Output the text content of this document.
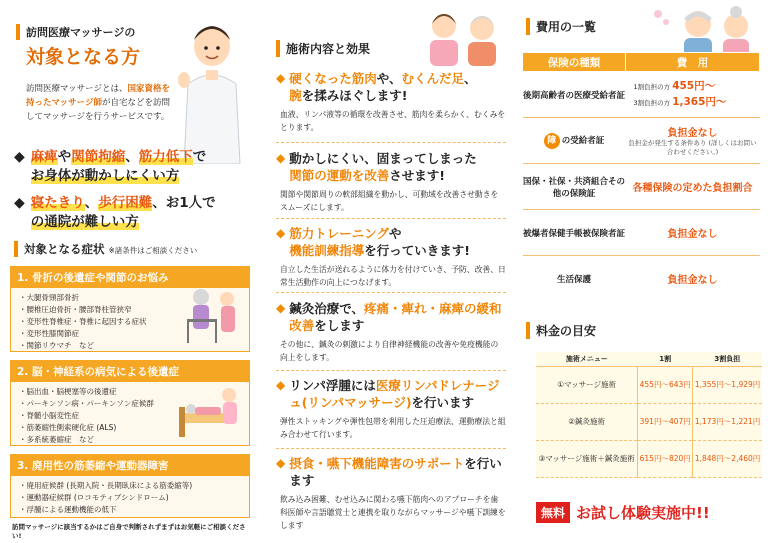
訪問医療マッサージの
対象となる方

訪問医療マッサージとは、国家資格を持ったマッサージ師が自宅などを訪問してマッサージを行うサービスです。

◆ 麻痺や関節拘縮、筋力低下で
お身体が動かしにくい方
◆ 寝たきり、歩行困難、お1人で
の通院が難しい方
対象となる症状 ※諸条件はご相談ください
1. 骨折の後遺症や関節のお悩み
・ 大腿骨頸部骨折
・ 腰椎圧迫骨折・腰部脊柱管狭窄
・ 変形性脊椎症・脊椎に起因する症状
・ 変形性膝関節症
・ 関節リウマチ　など
2. 脳・神経系の病気による後遺症
・ 脳出血・脳梗塞等の後遺症
・ パーキンソン病・パーキンソン症候群
・ 脊髄小脳変性症
・ 筋萎縮性側索硬化症 (ALS)
・ 多系統萎縮症　など
3. 廃用性の筋萎縮や運動器障害
・ 廃用症候群 (長期入院・長期臥床による筋委縮等)
・ 運動器症候群 (ロコモティブシンドローム)
・ 浮腫による運動機能の低下
訪問マッサージに該当するかはご自身で判断されずまずはお気軽にご相談ください!
施術内容と効果
◆ 硬くなった筋肉や、むくんだ足、
腕を揉みほぐします!
血液、リンパ液等の循環を改善させ、筋肉を柔らかく、むくみをとります。
◆ 動かしにくい、固まってしまった
関節の運動を改善させます!
関節や関節周りの軟部組織を動かし、可動域を改善させ動きをスムーズにします。
◆ 筋力トレーニングや
機能訓練指導を行っていきます!
自立した生活が送れるように体力を付けていき、予防、改善、日常生活動作の向上につなげます。
◆ 鍼灸治療で、疼痛・痺れ・麻痺の緩和改善をします
その他に、鍼灸の刺激により自律神経機能の改善や免疫機能の向上をします。
◆ リンパ浮腫には医療リンパドレナージュ(リンパマッサージ)を行います
弾性ストッキングや弾性包帯を利用した圧迫療法、運動療法と組み合わせて行います。
◆ 摂食・嚥下機能障害のサポートを行います
飲み込み困難、むせ込みに関わる嚥下筋肉へのアプローチを歯科医師や言語聴覚士と連携を取りながらマッサージや嚥下訓練をします
費用の一覧
保険の種類	費　用
後期高齢者の医療受給者証	1割負担の方 455円〜
3割負担の方 1,365円〜
障 の受給者証	負担金なし
負担金が発生する条件あり (詳しくはお問い合わせください。)

国保・社保・共済組合その他の保険証	各種保険の定めた負担割合
被爆者保健手帳被保険者証	負担金なし
生活保護	負担金なし
料金の目安
施術メニュー	1割	3割負担
①マッサージ施術	455円〜643円	1,355円〜1,929円
②鍼灸施術	391円〜407円	1,173円〜1,221円
③マッサージ施術＋鍼灸施術	615円〜820円	1,848円〜2,460円
無料 お試し体験実施中!!
